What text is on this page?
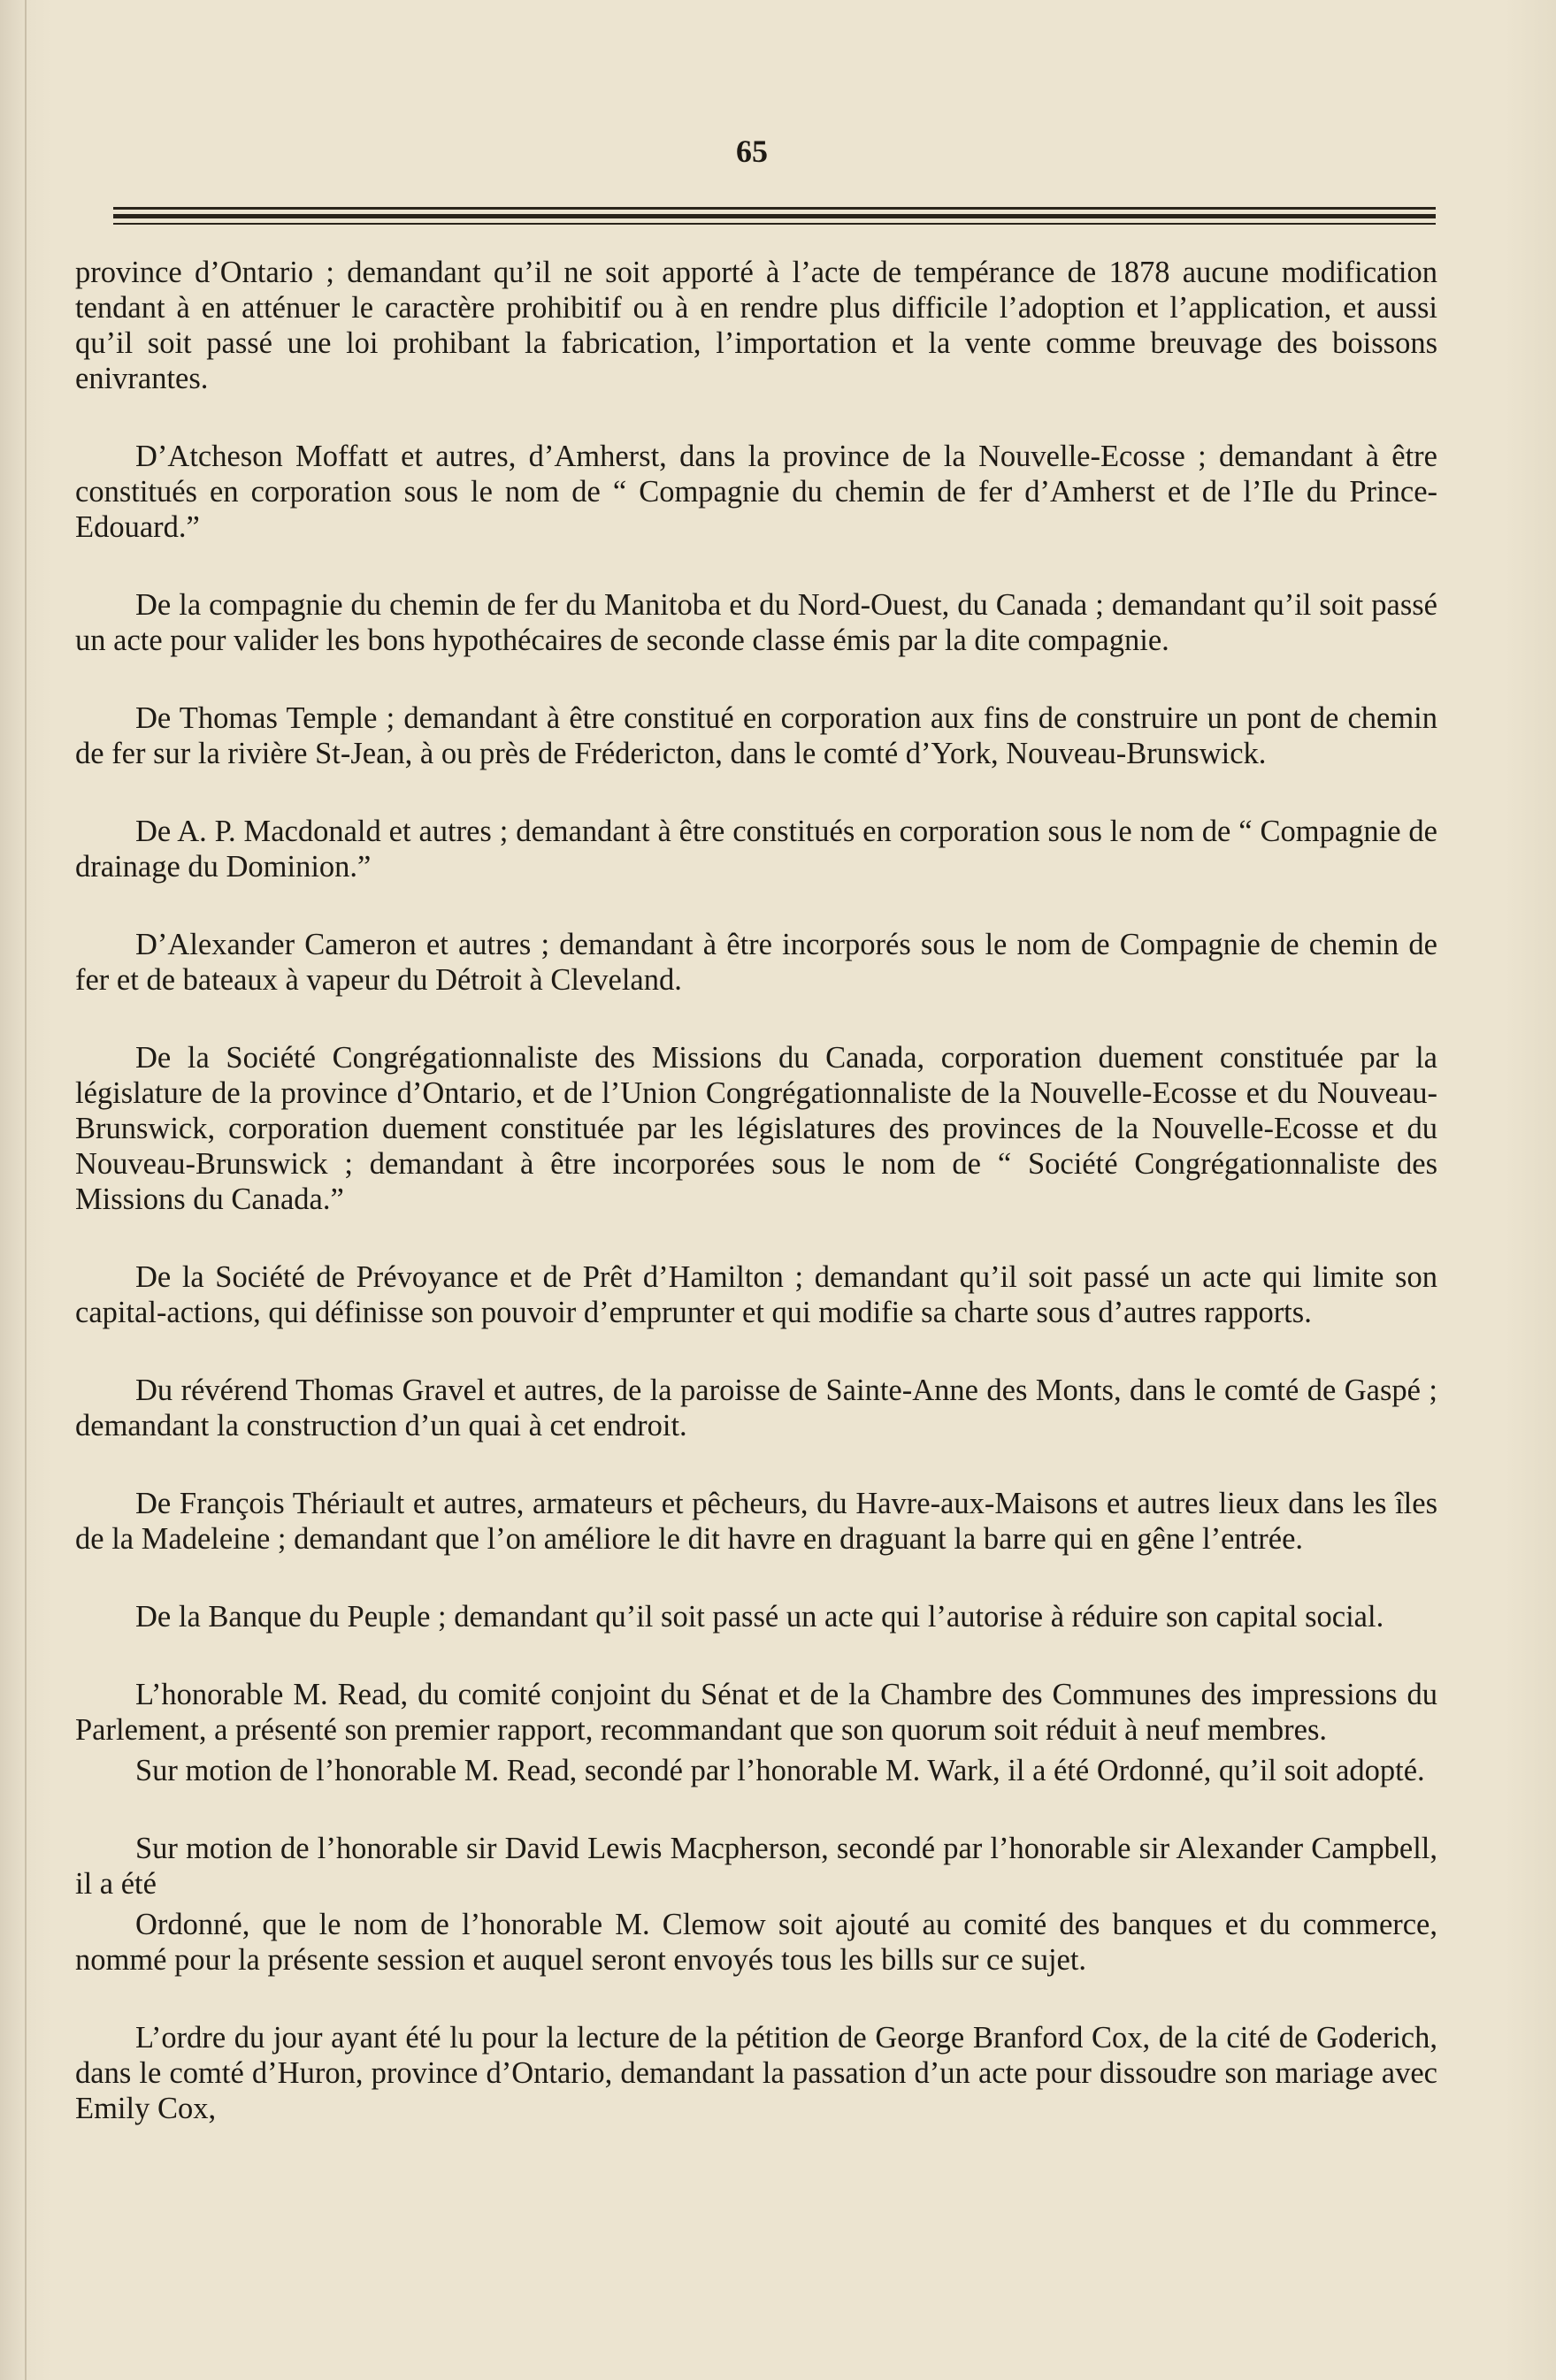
65

province d’Ontario ; demandant qu’il ne soit apporté à l’acte de tempérance de 1878 aucune modification tendant à en atténuer le caractère prohibitif ou à en rendre plus difficile l’adoption et l’application, et aussi qu’il soit passé une loi prohibant la fabrication, l’importation et la vente comme breuvage des boissons enivrantes.

D’Atcheson Moffatt et autres, d’Amherst, dans la province de la Nouvelle-Ecosse ; demandant à être constitués en corporation sous le nom de “ Compagnie du chemin de fer d’Amherst et de l’Ile du Prince-Edouard.”

De la compagnie du chemin de fer du Manitoba et du Nord-Ouest, du Canada ; demandant qu’il soit passé un acte pour valider les bons hypothécaires de seconde classe émis par la dite compagnie.

De Thomas Temple ; demandant à être constitué en corporation aux fins de construire un pont de chemin de fer sur la rivière St-Jean, à ou près de Frédericton, dans le comté d’York, Nouveau-Brunswick.

De A. P. Macdonald et autres ; demandant à être constitués en corporation sous le nom de “ Compagnie de drainage du Dominion.”

D’Alexander Cameron et autres ; demandant à être incorporés sous le nom de Compagnie de chemin de fer et de bateaux à vapeur du Détroit à Cleveland.

De la Société Congrégationnaliste des Missions du Canada, corporation duement constituée par la législature de la province d’Ontario, et de l’Union Congrégationnaliste de la Nouvelle-Ecosse et du Nouveau-Brunswick, corporation duement constituée par les législatures des provinces de la Nouvelle-Ecosse et du Nouveau-Brunswick ; demandant à être incorporées sous le nom de “ Société Congrégationnaliste des Missions du Canada.”

De la Société de Prévoyance et de Prêt d’Hamilton ; demandant qu’il soit passé un acte qui limite son capital-actions, qui définisse son pouvoir d’emprunter et qui modifie sa charte sous d’autres rapports.

Du révérend Thomas Gravel et autres, de la paroisse de Sainte-Anne des Monts, dans le comté de Gaspé ; demandant la construction d’un quai à cet endroit.

De François Thériault et autres, armateurs et pêcheurs, du Havre-aux-Maisons et autres lieux dans les îles de la Madeleine ; demandant que l’on améliore le dit havre en draguant la barre qui en gêne l’entrée.

De la Banque du Peuple ; demandant qu’il soit passé un acte qui l’autorise à réduire son capital social.

L’honorable M. Read, du comité conjoint du Sénat et de la Chambre des Communes des impressions du Parlement, a présenté son premier rapport, recommandant que son quorum soit réduit à neuf membres.

Sur motion de l’honorable M. Read, secondé par l’honorable M. Wark, il a été Ordonné, qu’il soit adopté.

Sur motion de l’honorable sir David Lewis Macpherson, secondé par l’honorable sir Alexander Campbell, il a été

Ordonné, que le nom de l’honorable M. Clemow soit ajouté au comité des banques et du commerce, nommé pour la présente session et auquel seront envoyés tous les bills sur ce sujet.

L’ordre du jour ayant été lu pour la lecture de la pétition de George Branford Cox, de la cité de Goderich, dans le comté d’Huron, province d’Ontario, demandant la passation d’un acte pour dissoudre son mariage avec Emily Cox,
